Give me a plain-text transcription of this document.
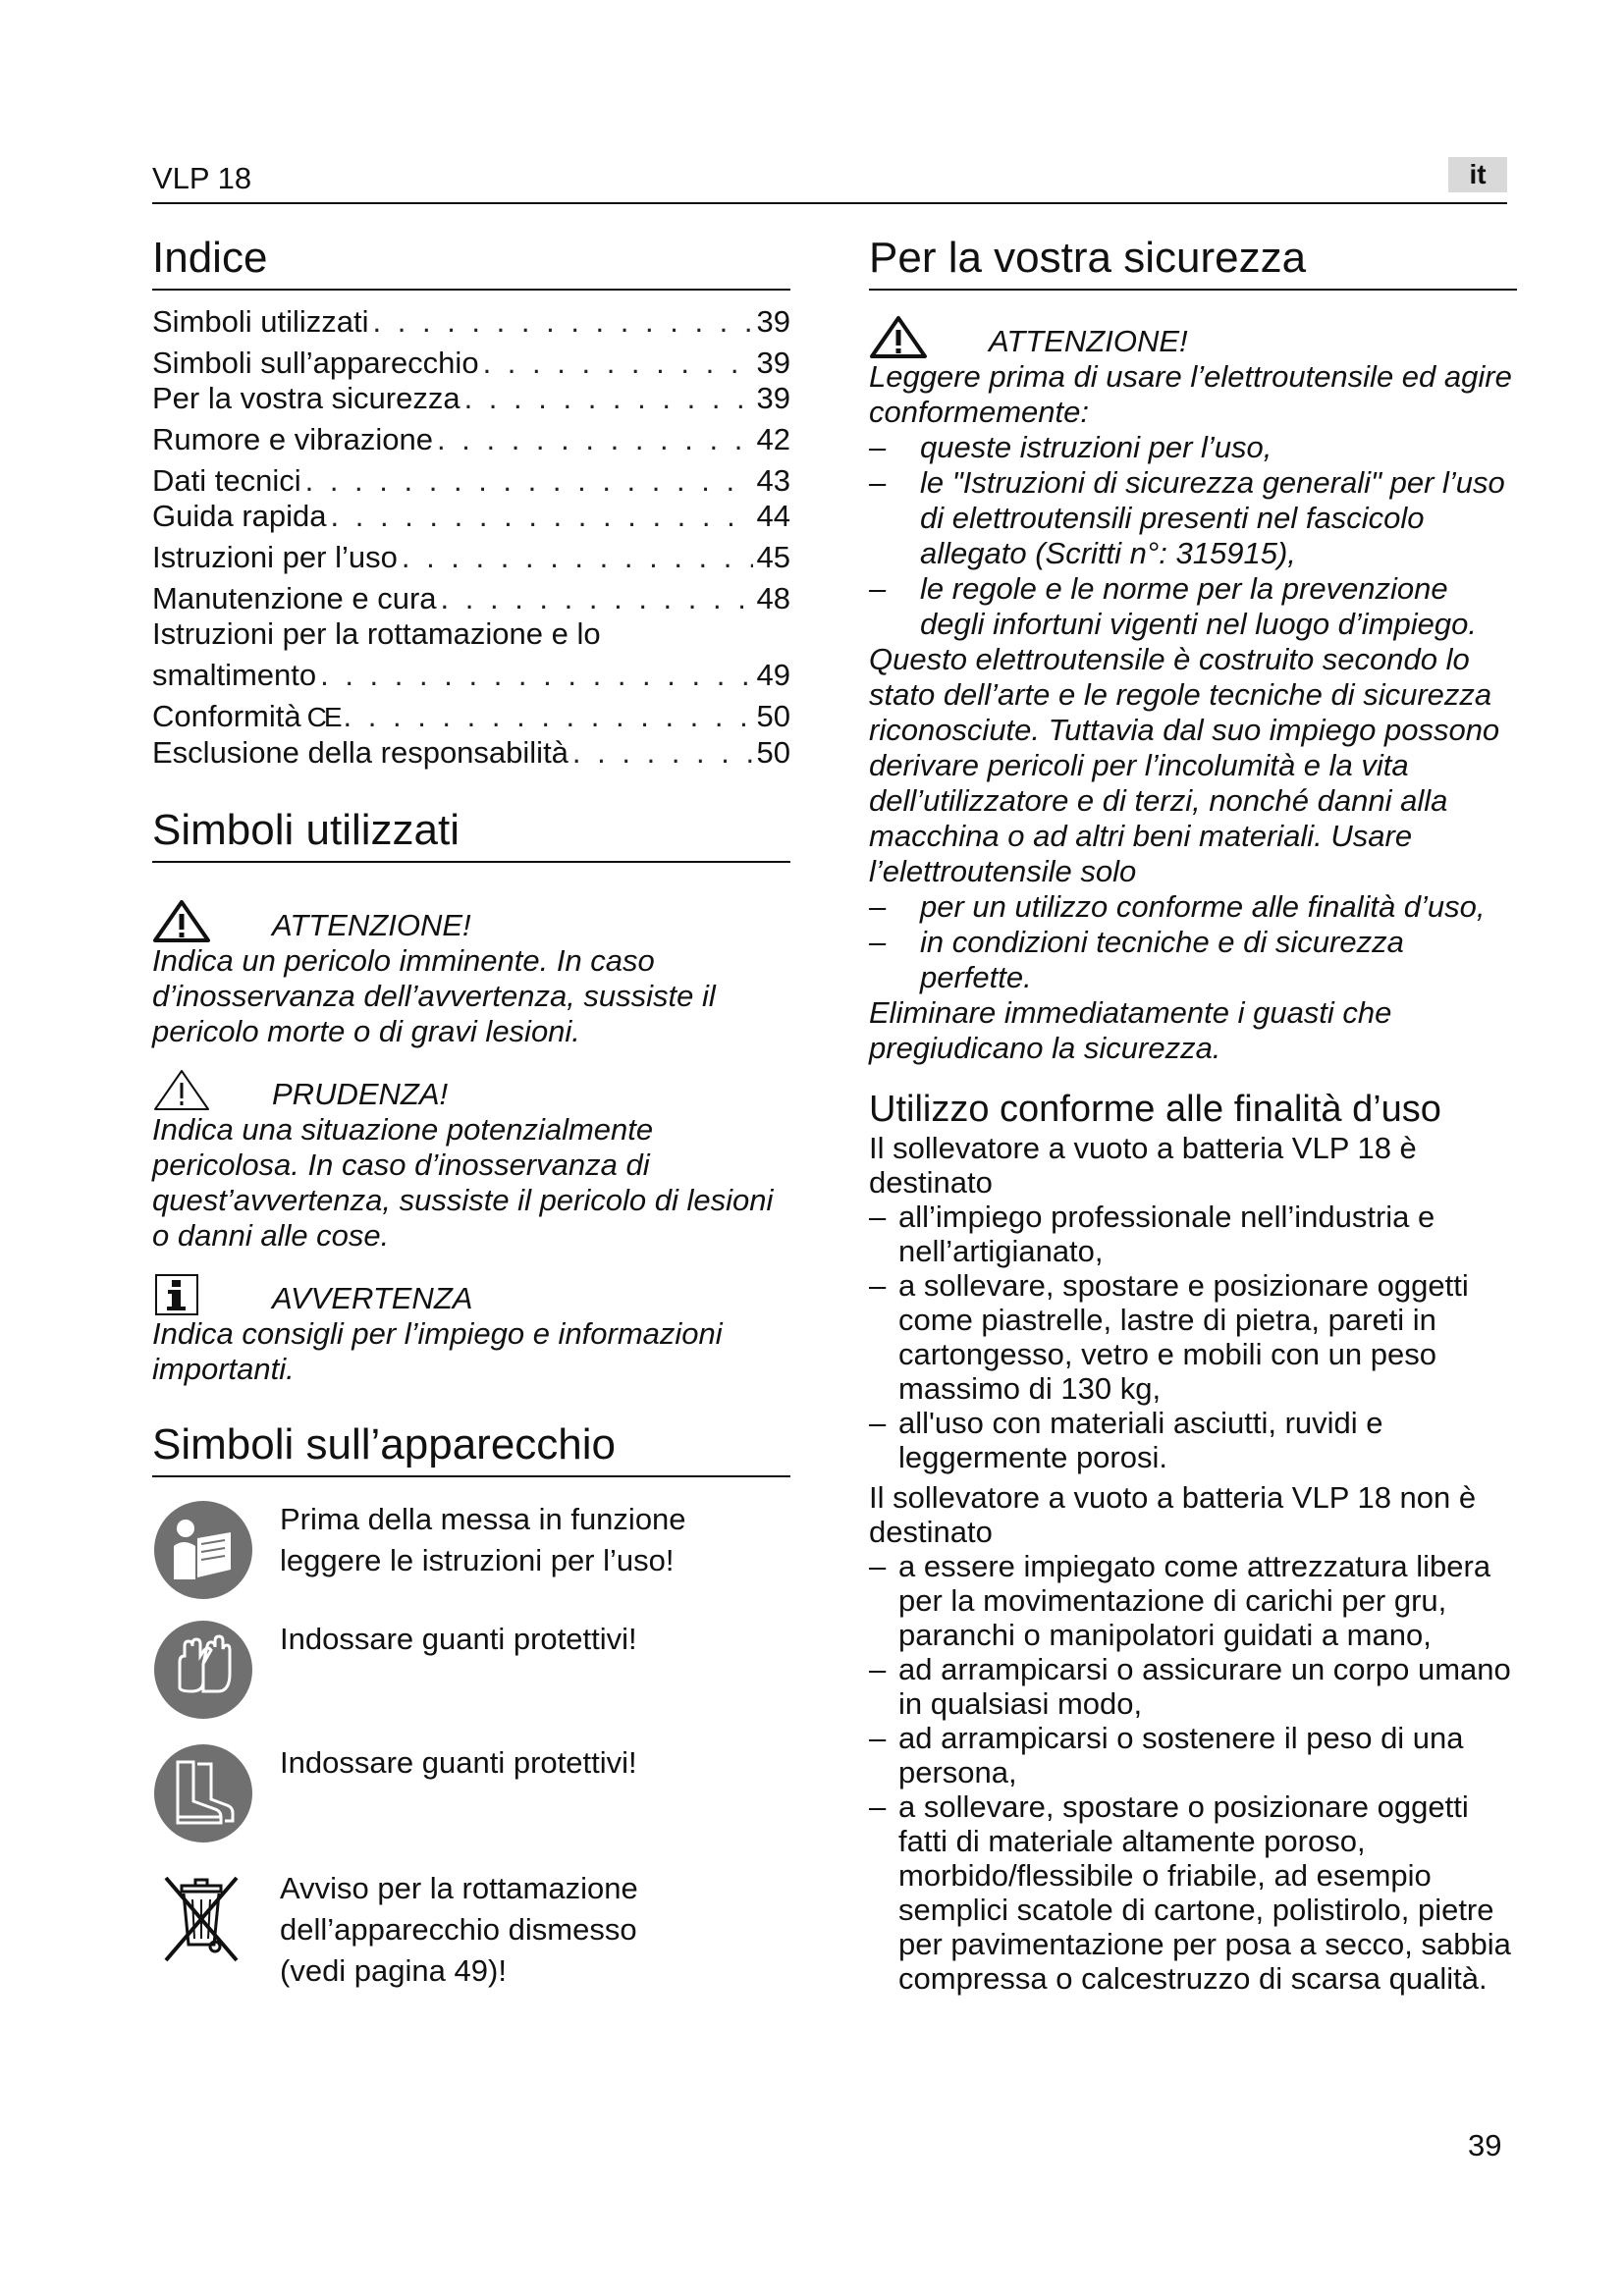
VLP 18	it
Indice
Simboli utilizzati . . .	39
Simboli sull’apparecchio . . .	39
Per la vostra sicurezza . . .	39
Rumore e vibrazione . . .	42
Dati tecnici . . .	43
Guida rapida . . .	44
Istruzioni per l’uso . . .	45
Manutenzione e cura . . .	48
Istruzioni per la rottamazione e lo
smaltimento . . .	49
Conformità CE . . .	50
Esclusione della responsabilità . . .	50
Simboli utilizzati
ATTENZIONE!
Indica un pericolo imminente. In caso d’inosservanza dell’avvertenza, sussiste il pericolo morte o di gravi lesioni.
PRUDENZA!
Indica una situazione potenzialmente pericolosa. In caso d’inosservanza di quest’avvertenza, sussiste il pericolo di lesioni o danni alle cose.
AVVERTENZA
Indica consigli per l’impiego e informazioni importanti.
Simboli sull’apparecchio
Prima della messa in funzione
leggere le istruzioni per l’uso!
Indossare guanti protettivi!
Indossare guanti protettivi!
Avviso per la rottamazione
dell’apparecchio dismesso
(vedi pagina 49)!
Per la vostra sicurezza
ATTENZIONE!
Leggere prima di usare l’elettroutensile ed agire conformemente:
– queste istruzioni per l’uso,
– le "Istruzioni di sicurezza generali" per l’uso di elettroutensili presenti nel fascicolo allegato (Scritti n°: 315915),
– le regole e le norme per la prevenzione degli infortuni vigenti nel luogo d’impiego.
Questo elettroutensile è costruito secondo lo stato dell’arte e le regole tecniche di sicurezza riconosciute. Tuttavia dal suo impiego possono derivare pericoli per l’incolumità e la vita dell’utilizzatore e di terzi, nonché danni alla macchina o ad altri beni materiali. Usare l’elettroutensile solo
– per un utilizzo conforme alle finalità d’uso,
– in condizioni tecniche e di sicurezza perfette.
Eliminare immediatamente i guasti che pregiudicano la sicurezza.
Utilizzo conforme alle finalità d’uso
Il sollevatore a vuoto a batteria VLP 18 è destinato
– all’impiego professionale nell’industria e nell’artigianato,
– a sollevare, spostare e posizionare oggetti come piastrelle, lastre di pietra, pareti in cartongesso, vetro e mobili con un peso massimo di 130 kg,
– all'uso con materiali asciutti, ruvidi e leggermente porosi.
Il sollevatore a vuoto a batteria VLP 18 non è destinato
– a essere impiegato come attrezzatura libera per la movimentazione di carichi per gru, paranchi o manipolatori guidati a mano,
– ad arrampicarsi o assicurare un corpo umano in qualsiasi modo,
– ad arrampicarsi o sostenere il peso di una persona,
– a sollevare, spostare o posizionare oggetti fatti di materiale altamente poroso, morbido/flessibile o friabile, ad esempio semplici scatole di cartone, polistirolo, pietre per pavimentazione per posa a secco, sabbia compressa o calcestruzzo di scarsa qualità.
39
